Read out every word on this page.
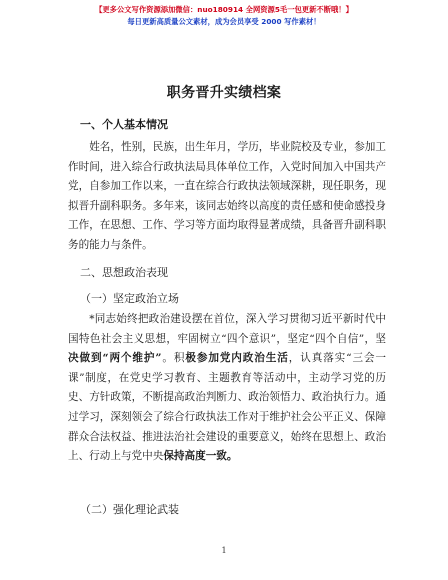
【更多公文写作资源添加微信：nuo180914 全网资源5毛一包更新不断哦！】
每日更新高质量公文素材，成为会员享受 2000 写作素材！
职务晋升实绩档案
一、个人基本情况
姓名，性别，民族，出生年月，学历，毕业院校及专业，参加工作时间，进入综合行政执法局具体单位工作，入党时间加入中国共产党，自参加工作以来，一直在综合行政执法领域深耕，现任职务，现拟晋升副科职务。多年来，该同志始终以高度的责任感和使命感投身工作，在思想、工作、学习等方面均取得显著成绩，具备晋升副科职务的能力与条件。
二、思想政治表现
（一）坚定政治立场
*同志始终把政治建设摆在首位，深入学习贯彻习近平新时代中国特色社会主义思想，牢固树立“四个意识”，坚定“四个自信”，坚决做到“两个维护”。积极参加党内政治生活，认真落实“三会一课”制度，在党史学习教育、主题教育等活动中，主动学习党的历史、方针政策，不断提高政治判断力、政治领悟力、政治执行力。通过学习，深刻领会了综合行政执法工作对于维护社会公平正义、保障群众合法权益、推进法治社会建设的重要意义，始终在思想上、政治上、行动上与党中央保持高度一致。
（二）强化理论武装
1
